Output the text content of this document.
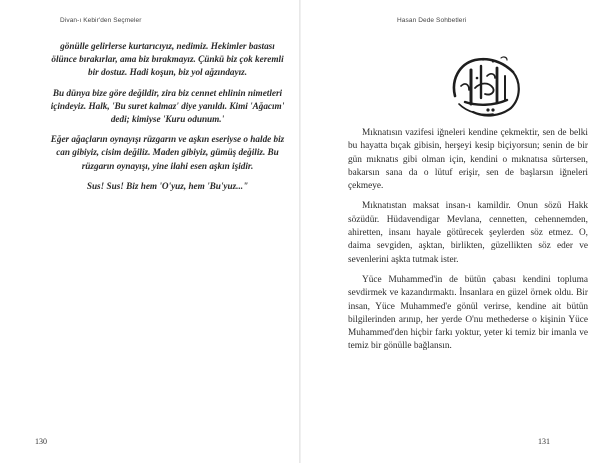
Divan-ı Kebir'den Seçmeler

gönülle gelirlerse kurtarıcıyız, nedimiz. Hekimler bastası ölünce bırakırlar, ama biz bırakmayız. Çünkü biz çok keremli bir dostuz. Hadi koşun, biz yol ağzındayız.

Bu dünya bize göre değildir, zira biz cennet ehlinin nimetleri içindeyiz. Halk, 'Bu suret kalmaz' diye yanıldı. Kimi 'Ağacım' dedi; kimiyse 'Kuru odunum.'

Eğer ağaçların oynayışı rüzgarın ve aşkın eseriyse o halde biz can gibiyiz, cisim değiliz. Maden gibiyiz, gümüş değiliz. Bu rüzgarın oynayışı, yine ilahi esen aşkın işidir.

Sus! Sus! Biz hem 'O'yuz, hem 'Bu'yuz..."

130
Hasan Dede Sohbetleri

Mıknatısın vazifesi iğneleri kendine çekmektir, sen de belki bu hayatta bıçak gibisin, herşeyi kesip biçiyorsun; senin de bir gün mıknatıs gibi olman için, kendini o mıknatısa sürtersen, bakarsın sana da o lütuf erişir, sen de başlarsın iğneleri çekmeye.

Mıknatıstan maksat insan-ı kamildir. Onun sözü Hakk sözüdür. Hüdavendigar Mevlana, cennetten, cehennemden, ahiretten, insanı hayale götürecek şeylerden söz etmez. O, daima sevgiden, aşktan, birlikten, güzellikten söz eder ve sevenlerini aşkta tutmak ister.

Yüce Muhammed'in de bütün çabası kendini topluma sevdirmek ve kazandırmaktı. İnsanlara en güzel örnek oldu. Bir insan, Yüce Muhammed'e gönül verirse, kendine ait bütün bilgilerinden arınıp, her yerde O'nu methederse o kişinin Yüce Muhammed'den hiçbir farkı yoktur, yeter ki temiz bir imanla ve temiz bir gönülle bağlansın.

131
